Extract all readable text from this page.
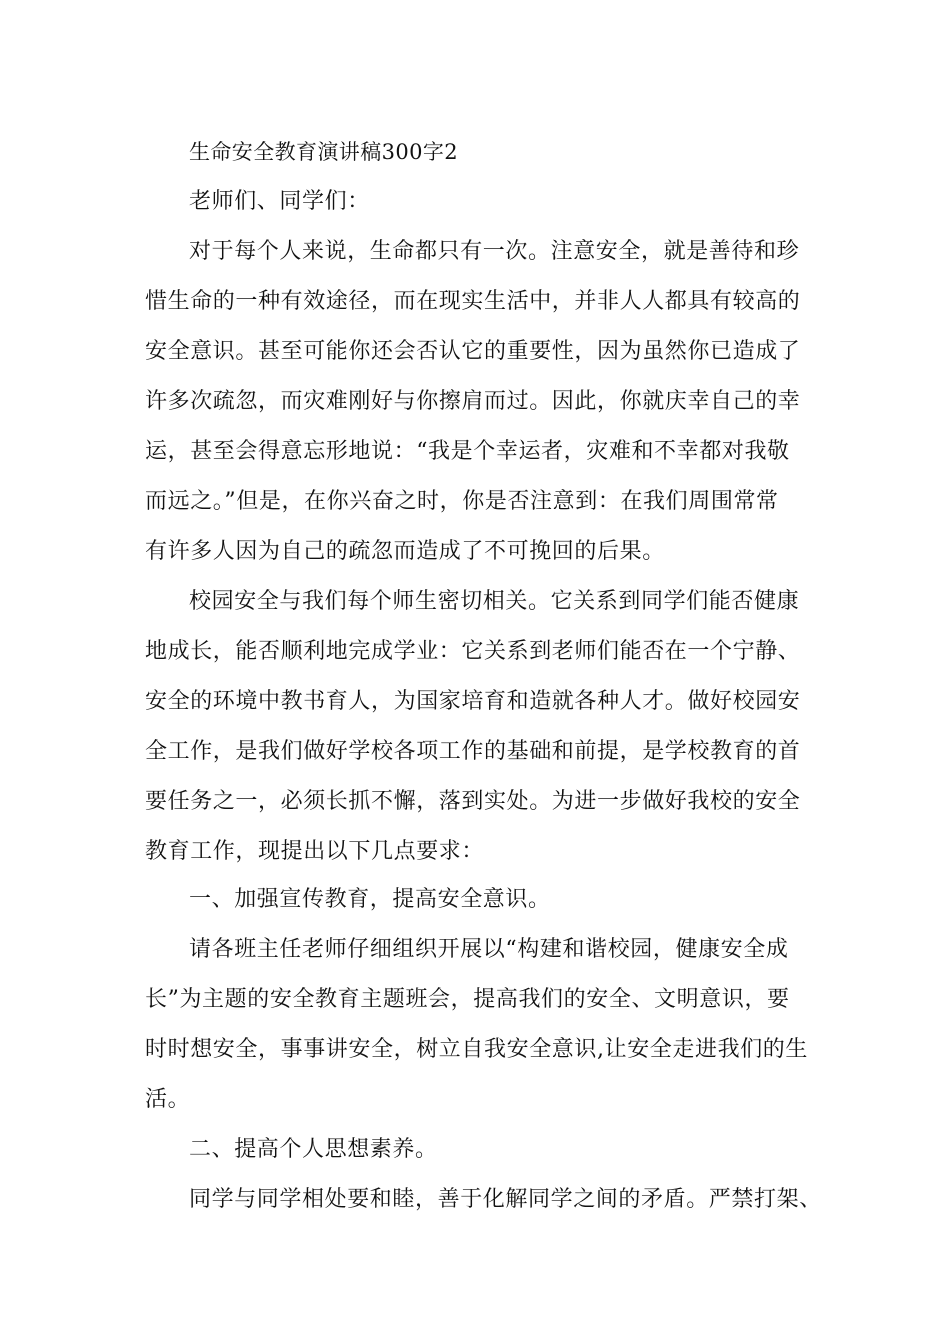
生命安全教育演讲稿300字2
老师们、同学们：
对于每个人来说，生命都只有一次。注意安全，就是善待和珍
惜生命的一种有效途径，而在现实生活中，并非人人都具有较高的
安全意识。甚至可能你还会否认它的重要性，因为虽然你已造成了
许多次疏忽，而灾难刚好与你擦肩而过。因此，你就庆幸自己的幸
运，甚至会得意忘形地说：“我是个幸运者，灾难和不幸都对我敬
而远之。”但是，在你兴奋之时，你是否注意到：在我们周围常常
有许多人因为自己的疏忽而造成了不可挽回的后果。
校园安全与我们每个师生密切相关。它关系到同学们能否健康
地成长，能否顺利地完成学业：它关系到老师们能否在一个宁静、
安全的环境中教书育人，为国家培育和造就各种人才。做好校园安
全工作，是我们做好学校各项工作的基础和前提，是学校教育的首
要任务之一，必须长抓不懈，落到实处。为进一步做好我校的安全
教育工作，现提出以下几点要求：
一、加强宣传教育，提高安全意识。
请各班主任老师仔细组织开展以“构建和谐校园，健康安全成
长”为主题的安全教育主题班会，提高我们的安全、文明意识，要
时时想安全，事事讲安全，树立自我安全意识,让安全走进我们的生
活。
二、提高个人思想素养。
同学与同学相处要和睦，善于化解同学之间的矛盾。严禁打架、
